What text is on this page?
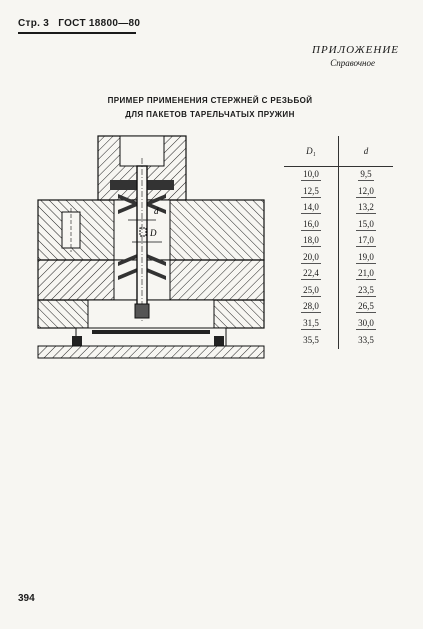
Стр. 3 ГОСТ 18800—80
ПРИЛОЖЕНИЕ
Справочное
ПРИМЕР ПРИМЕНЕНИЯ СТЕРЖНЕЙ С РЕЗЬБОЙ
ДЛЯ ПАКЕТОВ ТАРЕЛЬЧАТЫХ ПРУЖИН
d
D
D₁	d
10,0	9,5
12,5	12,0
14,0	13,2
16,0	15,0
18,0	17,0
20,0	19,0
22,4	21,0
25,0	23,5
28,0	26,5
31,5	30,0
35,5	33,5
394
